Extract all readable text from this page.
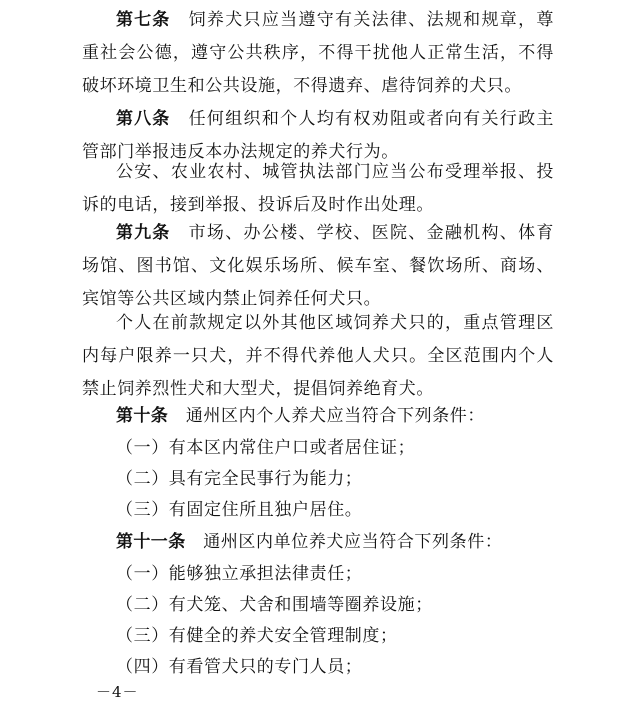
第七条　 饲养犬只应当遵守有关法律、法规和规章，尊重社会公德，遵守公共秩序，不得干扰他人正常生活，不得破坏环境卫生和公共设施，不得遗弃、虐待饲养的犬只。

第八条　 任何组织和个人均有权劝阻或者向有关行政主管部门举报违反本办法规定的养犬行为。

公安、农业农村、城管执法部门应当公布受理举报、投诉的电话，接到举报、投诉后及时作出处理。

第九条　 市场、办公楼、学校、医院、金融机构、体育场馆、图书馆、文化娱乐场所、候车室、餐饮场所、商场、宾馆等公共区域内禁止饲养任何犬只。

个人在前款规定以外其他区域饲养犬只的，重点管理区内每户限养一只犬，并不得代养他人犬只。全区范围内个人禁止饲养烈性犬和大型犬，提倡饲养绝育犬。

第十条　 通州区内个人养犬应当符合下列条件：

（一）有本区内常住户口或者居住证；

（二）具有完全民事行为能力；

（三）有固定住所且独户居住。

第十一条　 通州区内单位养犬应当符合下列条件：

（一）能够独立承担法律责任；

（二）有犬笼、犬舍和围墙等圈养设施；

（三）有健全的养犬安全管理制度；

（四）有看管犬只的专门人员；

－4－
